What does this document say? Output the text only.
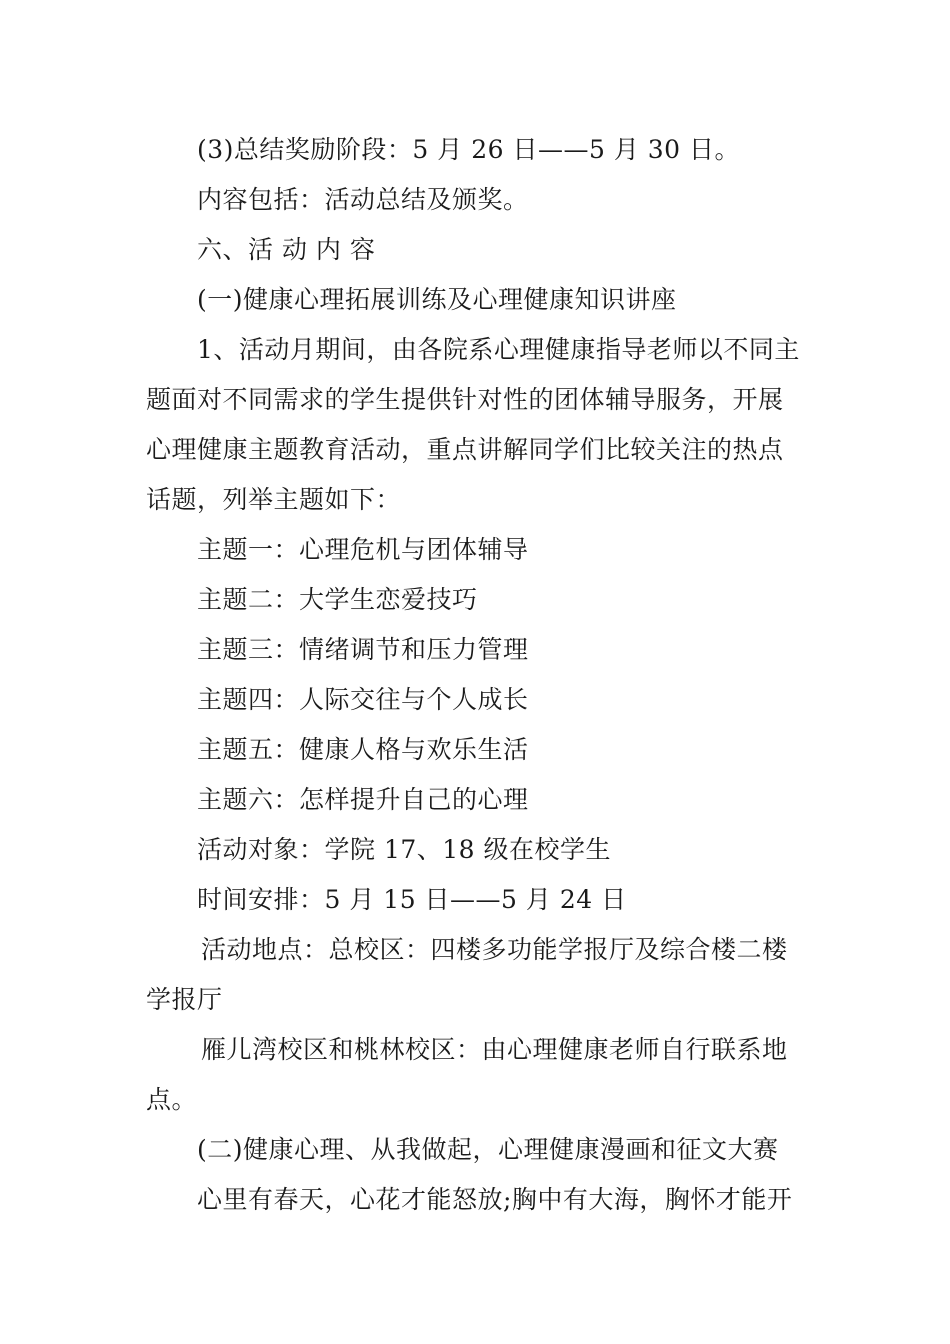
(3)总结奖励阶段：5 月 26 日——5 月 30 日。
内容包括：活动总结及颁奖。
六、活 动 内 容
(一)健康心理拓展训练及心理健康知识讲座
1、活动月期间，由各院系心理健康指导老师以不同主
题面对不同需求的学生提供针对性的团体辅导服务，开展
心理健康主题教育活动，重点讲解同学们比较关注的热点
话题，列举主题如下：
主题一：心理危机与团体辅导
主题二：大学生恋爱技巧
主题三：情绪调节和压力管理
主题四：人际交往与个人成长
主题五：健康人格与欢乐生活
主题六：怎样提升自己的心理
活动对象：学院 17、18 级在校学生
时间安排：5 月 15 日——5 月 24 日
活动地点：总校区：四楼多功能学报厅及综合楼二楼
学报厅
雁儿湾校区和桃林校区：由心理健康老师自行联系地
点。
(二)健康心理、从我做起，心理健康漫画和征文大赛
心里有春天，心花才能怒放;胸中有大海，胸怀才能开
